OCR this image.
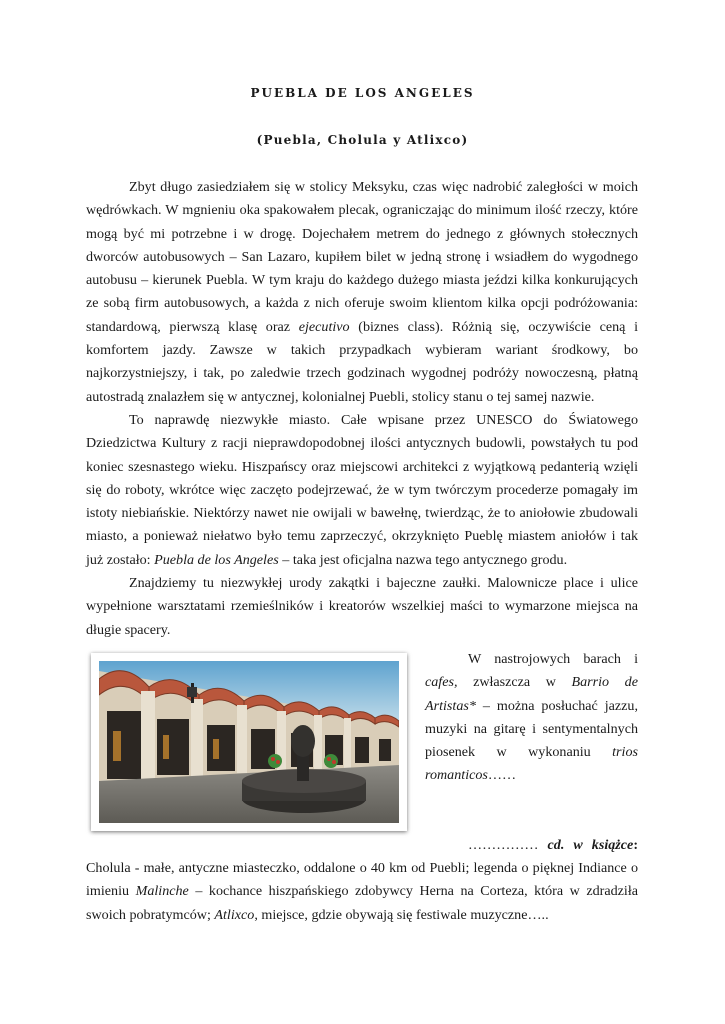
PUEBLA DE LOS ANGELES
(Puebla, Cholula y Atlixco)

Zbyt długo zasiedziałem się w stolicy Meksyku, czas więc nadrobić zaległości w moich wędrówkach. W mgnieniu oka spakowałem plecak, ograniczając do minimum ilość rzeczy, które mogą być mi potrzebne i w drogę. Dojechałem metrem do jednego z głównych stołecznych dworców autobusowych – San Lazaro, kupiłem bilet w jedną stronę i wsiadłem do wygodnego autobusu – kierunek Puebla. W tym kraju do każdego dużego miasta jeździ kilka konkurujących ze sobą firm autobusowych, a każda z nich oferuje swoim klientom kilka opcji podróżowania: standardową, pierwszą klasę oraz ejecutivo (biznes class). Różnią się, oczywiście ceną i komfortem jazdy. Zawsze w takich przypadkach wybieram wariant środkowy, bo najkorzystniejszy, i tak, po zaledwie trzech godzinach wygodnej podróży nowoczesną, płatną autostradą znalazłem się w antycznej, kolonialnej Puebli, stolicy stanu o tej samej nazwie.

To naprawdę niezwykłe miasto. Całe wpisane przez UNESCO do Światowego Dziedzictwa Kultury z racji nieprawdopodobnej ilości antycznych budowli, powstałych tu pod koniec szesnastego wieku. Hiszpańscy oraz miejscowi architekci z wyjątkową pedanterią wzięli się do roboty, wkrótce więc zaczęto podejrzewać, że w tym twórczym procederze pomagały im istoty niebiańskie. Niektórzy nawet nie owijali w bawełnę, twierdząc, że to aniołowie zbudowali miasto, a ponieważ niełatwo było temu zaprzeczyć, okrzyknięto Pueblę miastem aniołów i tak już zostało: Puebla de los Angeles – taka jest oficjalna nazwa tego antycznego grodu.

Znajdziemy tu niezwykłej urody zakątki i bajeczne zaułki. Malownicze place i ulice wypełnione warsztatami rzemieślników i kreatorów wszelkiej maści to wymarzone miejsca na długie spacery.

W nastrojowych barach i cafes, zwłaszcza w Barrio de Artistas* – można posłuchać jazzu, muzyki na gitarę i sentymentalnych piosenek w wykonaniu trios romanticos……

…………… cd. w książce: Cholula - małe, antyczne miasteczko, oddalone o 40 km od Puebli; legenda o pięknej Indiance o imieniu Malinche – kochance hiszpańskiego zdobywcy Herna na Corteza, która w zdradziła swoich pobratymców; Atlixco, miejsce, gdzie obywają się festiwale muzyczne…..
